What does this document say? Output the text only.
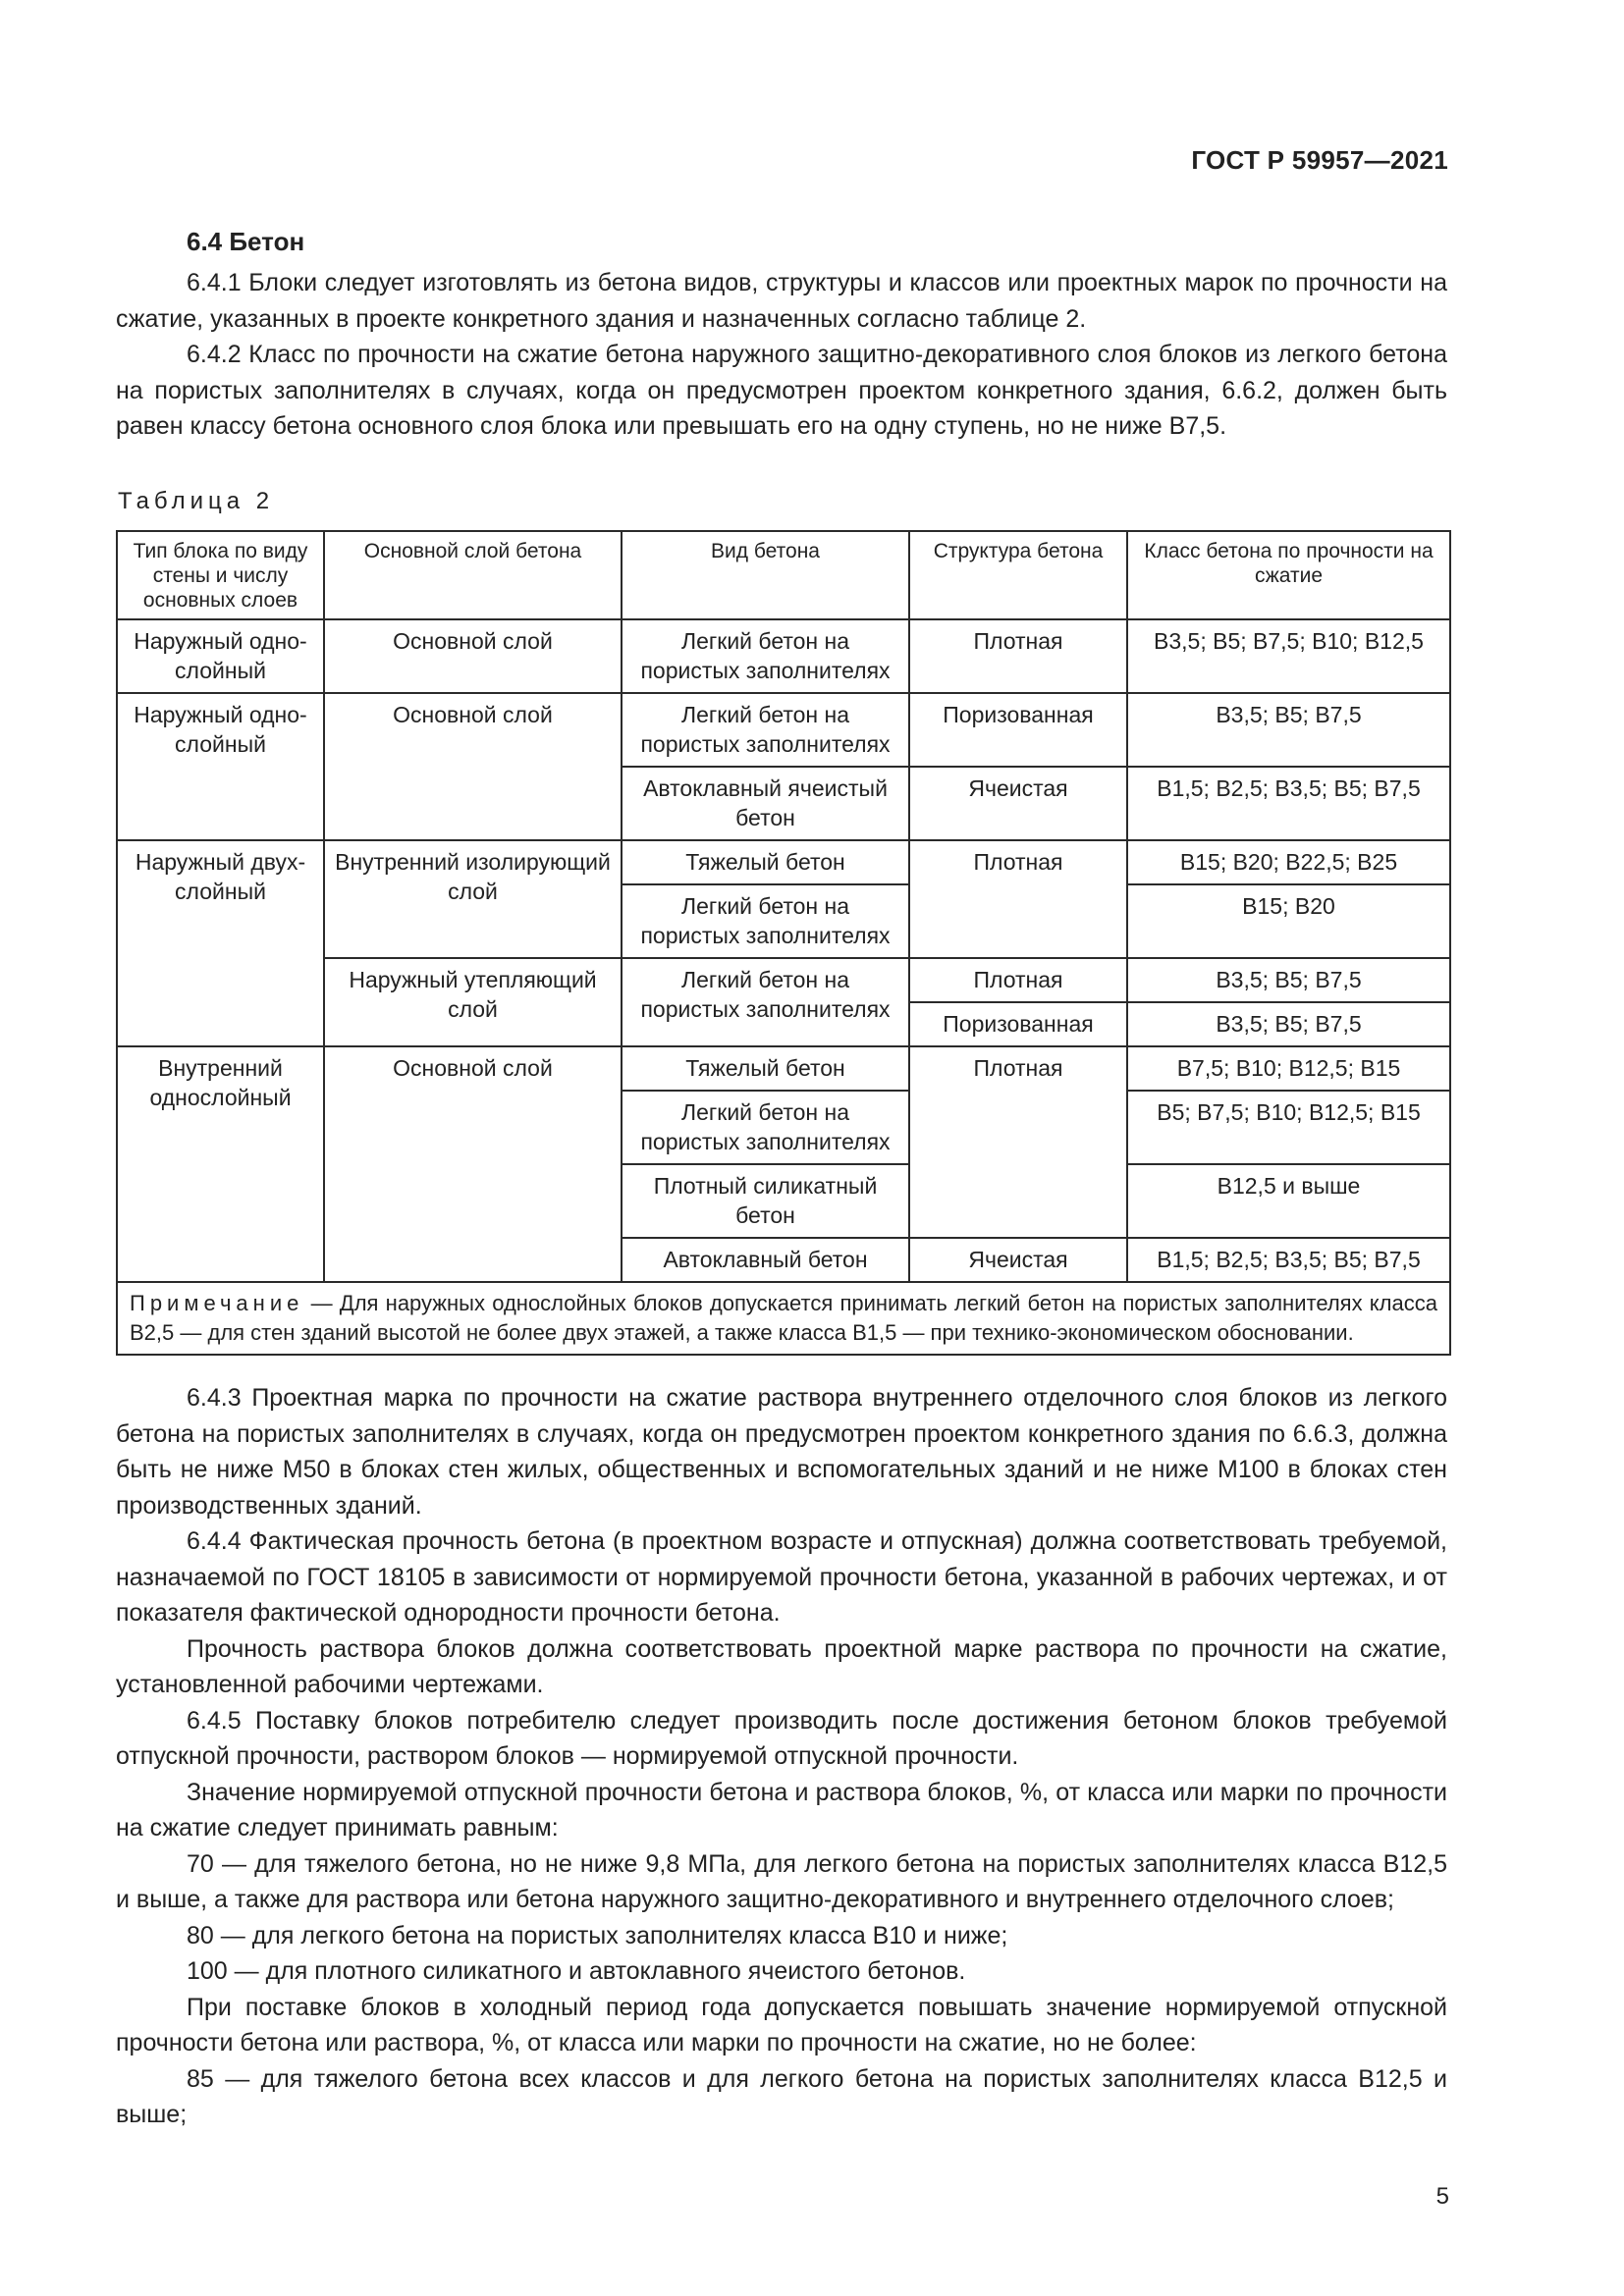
ГОСТ Р 59957—2021
6.4 Бетон

6.4.1 Блоки следует изготовлять из бетона видов, структуры и классов или проектных марок по прочности на сжатие, указанных в проекте конкретного здания и назначенных согласно таблице 2.

6.4.2 Класс по прочности на сжатие бетона наружного защитно-декоративного слоя блоков из легкого бетона на пористых заполнителях в случаях, когда он предусмотрен проектом конкретного здания, 6.6.2, должен быть равен классу бетона основного слоя блока или превышать его на одну ступень, но не ниже В7,5.

Таблица 2
Тип блока по виду стены и числу основных слоев	Основной слой бетона	Вид бетона	Структура бетона	Класс бетона по прочности на сжатие
Наружный одно-слойный	Основной слой	Легкий бетон на пористых заполнителях	Плотная	В3,5; В5; В7,5; В10; В12,5
Наружный одно-слойный	Основной слой	Легкий бетон на пористых заполнителях	Поризованная	В3,5; В5; В7,5
		Автоклавный ячеистый бетон	Ячеистая	В1,5; В2,5; В3,5; В5; В7,5
Наружный двух-слойный	Внутренний изолирующий слой	Тяжелый бетон	Плотная	В15; В20; В22,5; В25
		Легкий бетон на пористых заполнителях		В15; В20
	Наружный утепляющий слой	Легкий бетон на пористых заполнителях	Плотная	В3,5; В5; В7,5
			Поризованная	В3,5; В5; В7,5
Внутренний однослойный	Основной слой	Тяжелый бетон	Плотная	В7,5; В10; В12,5; В15
		Легкий бетон на пористых заполнителях		В5; В7,5; В10; В12,5; В15
		Плотный силикатный бетон		В12,5 и выше
		Автоклавный бетон	Ячеистая	В1,5; В2,5; В3,5; В5; В7,5
Примечание — Для наружных однослойных блоков допускается принимать легкий бетон на пористых заполнителях класса В2,5 — для стен зданий высотой не более двух этажей, а также класса В1,5 — при технико-экономическом обосновании.				

6.4.3 Проектная марка по прочности на сжатие раствора внутреннего отделочного слоя блоков из легкого бетона на пористых заполнителях в случаях, когда он предусмотрен проектом конкретного здания по 6.6.3, должна быть не ниже М50 в блоках стен жилых, общественных и вспомогательных зданий и не ниже М100 в блоках стен производственных зданий.

6.4.4 Фактическая прочность бетона (в проектном возрасте и отпускная) должна соответствовать требуемой, назначаемой по ГОСТ 18105 в зависимости от нормируемой прочности бетона, указанной в рабочих чертежах, и от показателя фактической однородности прочности бетона.

Прочность раствора блоков должна соответствовать проектной марке раствора по прочности на сжатие, установленной рабочими чертежами.

6.4.5 Поставку блоков потребителю следует производить после достижения бетоном блоков требуемой отпускной прочности, раствором блоков — нормируемой отпускной прочности.

Значение нормируемой отпускной прочности бетона и раствора блоков, %, от класса или марки по прочности на сжатие следует принимать равным:

70 — для тяжелого бетона, но не ниже 9,8 МПа, для легкого бетона на пористых заполнителях класса В12,5 и выше, а также для раствора или бетона наружного защитно-декоративного и внутреннего отделочного слоев;

80 — для легкого бетона на пористых заполнителях класса В10 и ниже;

100 — для плотного силикатного и автоклавного ячеистого бетонов.

При поставке блоков в холодный период года допускается повышать значение нормируемой отпускной прочности бетона или раствора, %, от класса или марки по прочности на сжатие, но не более:

85 — для тяжелого бетона всех классов и для легкого бетона на пористых заполнителях класса В12,5 и выше;

5
